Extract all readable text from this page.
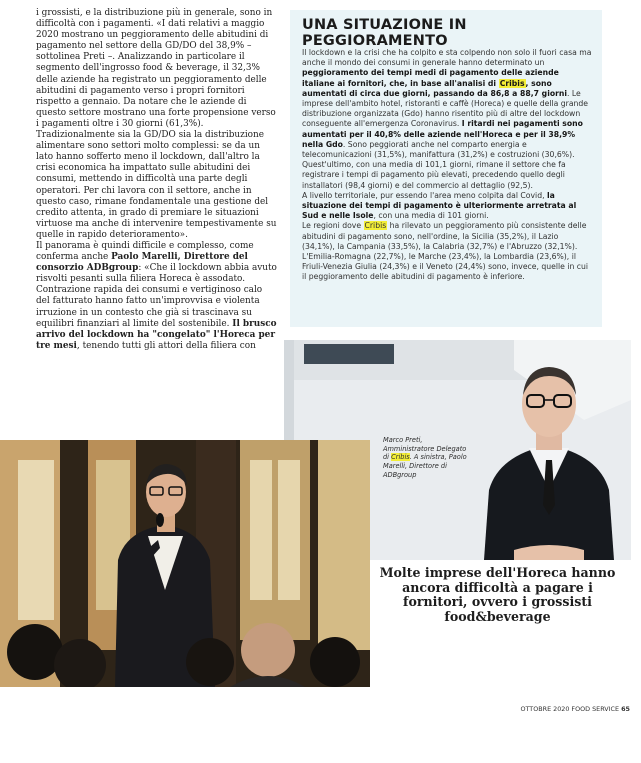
i grossisti, e la distribuzione più in generale, sono in difficoltà con i pagamenti. «I dati relativi a maggio 2020 mostrano un peggioramento delle abitudini di pagamento nel settore della GD/DO del 38,9% – sottolinea Preti –. Analizzando in particolare il segmento dell'ingrosso food & beverage, il 32,3% delle aziende ha registrato un peggioramento delle abitudini di pagamento verso i propri fornitori rispetto a gennaio. Da notare che le aziende di questo settore mostrano una forte propensione verso i pagamenti oltre i 30 giorni (61,3%). Tradizionalmente sia la GD/DO sia la distribuzione alimentare sono settori molto complessi: se da un lato hanno sofferto meno il lockdown, dall'altro la crisi economica ha impattato sulle abitudini dei consumi, mettendo in difficoltà una parte degli operatori. Per chi lavora con il settore, anche in questo caso, rimane fondamentale una gestione del credito attenta, in grado di premiare le situazioni virtuose ma anche di intervenire tempestivamente su quelle in rapido deterioramento».

Il panorama è quindi difficile e complesso, come conferma anche Paolo Marelli, Direttore del consorzio ADBgroup: «Che il lockdown abbia avuto risvolti pesanti sulla filiera Horeca è assodato. Contrazione rapida dei consumi e vertiginoso calo del fatturato hanno fatto un'improvvisa e violenta irruzione in un contesto che già si trascinava su equilibri finanziari al limite del sostenibile. Il brusco arrivo del lockdown ha "congelato" l'Horeca per tre mesi, tenendo tutti gli attori della filiera con

UNA SITUAZIONE IN PEGGIORAMENTO
Il lockdown e la crisi che ha colpito e sta colpendo non solo il fuori casa ma anche il mondo dei consumi in generale hanno determinato un peggioramento dei tempi medi di pagamento delle aziende italiane ai fornitori, che, in base all'analisi di Cribis, sono aumentati di circa due giorni, passando da 86,8 a 88,7 giorni. Le imprese dell'ambito hotel, ristoranti e caffè (Horeca) e quelle della grande distribuzione organizzata (Gdo) hanno risentito più di altre del lockdown conseguente all'emergenza Coronavirus. I ritardi nei pagamenti sono aumentati per il 40,8% delle aziende nell'Horeca e per il 38,9% nella Gdo. Sono peggiorati anche nel comparto energia e telecomunicazioni (31,5%), manifattura (31,2%) e costruzioni (30,6%). Quest'ultimo, con una media di 101,1 giorni, rimane il settore che fa registrare i tempi di pagamento più elevati, precedendo quello degli installatori (98,4 giorni) e del commercio al dettaglio (92,5).
A livello territoriale, pur essendo l'area meno colpita dal Covid, la situazione dei tempi di pagamento è ulteriormente arretrata al Sud e nelle Isole, con una media di 101 giorni.
Le regioni dove Cribis ha rilevato un peggioramento più consistente delle abitudini di pagamento sono, nell'ordine, la Sicilia (35,2%), il Lazio (34,1%), la Campania (33,5%), la Calabria (32,7%) e l'Abruzzo (32,1%). L'Emilia-Romagna (22,7%), le Marche (23,4%), la Lombardia (23,6%), il Friuli-Venezia Giulia (24,3%) e il Veneto (24,4%) sono, invece, quelle in cui il peggioramento delle abitudini di pagamento è inferiore.
Marco Preti, Amministratore Delegato di Cribis. A sinistra, Paolo Marelli, Direttore di ADBgroup
Molte imprese dell'Horeca hanno ancora difficoltà a pagare i fornitori, ovvero i grossisti food&beverage
OTTOBRE 2020 FOOD SERVICE 65
